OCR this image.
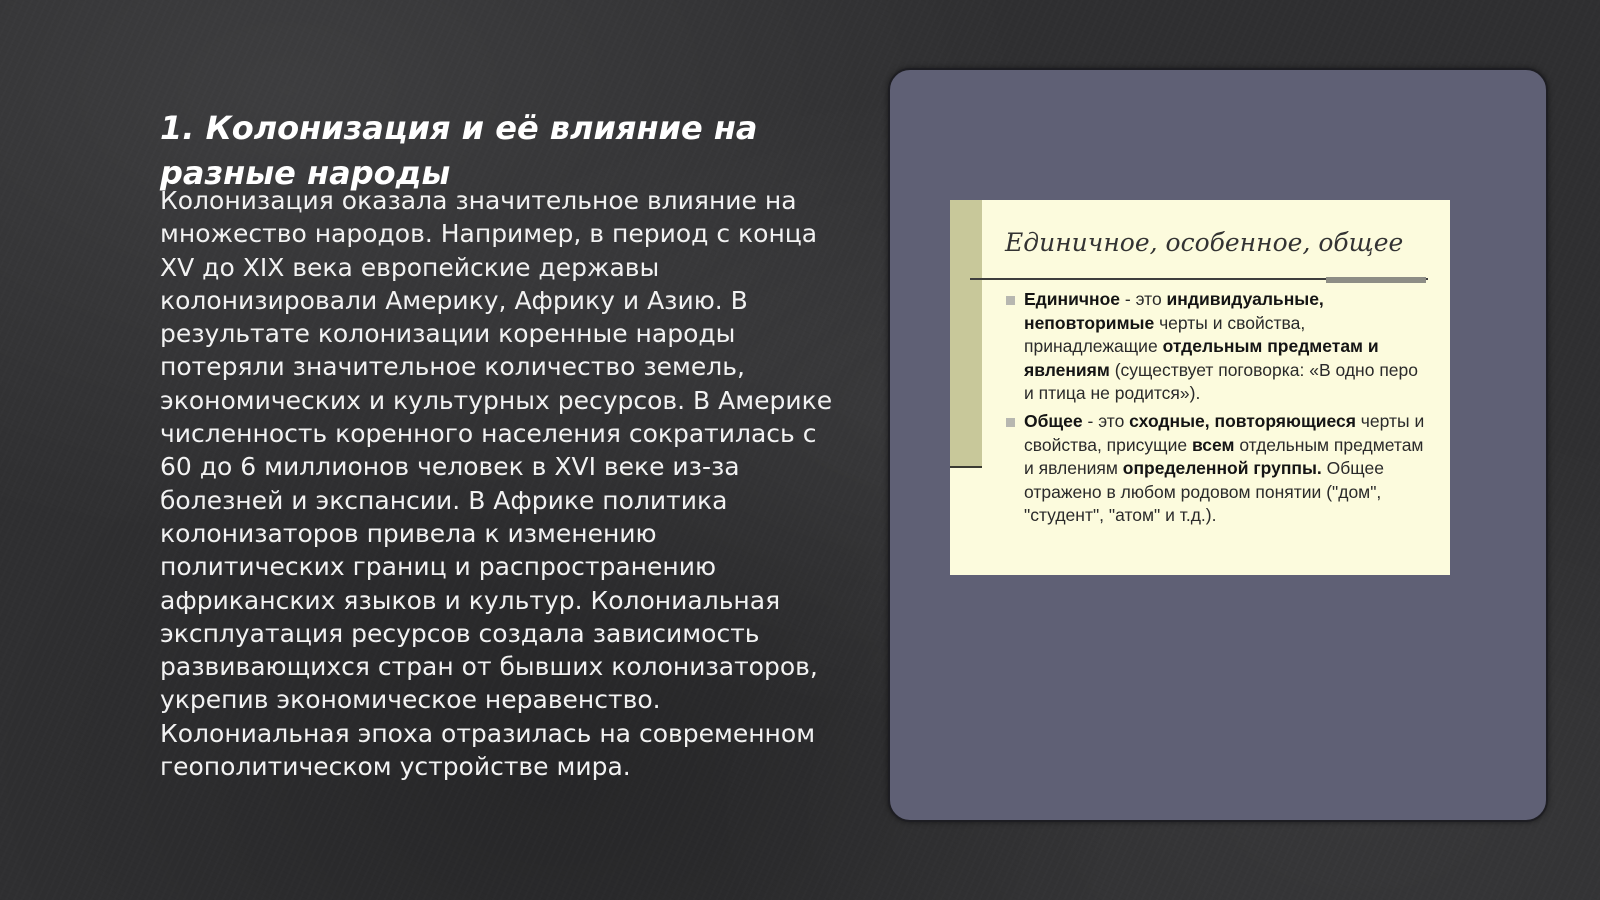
1. Колонизация и её влияние на разные народы

Колонизация оказала значительное влияние на множество народов. Например, в период с конца XV до XIX века европейские державы колонизировали Америку, Африку и Азию. В результате колонизации коренные народы потеряли значительное количество земель, экономических и культурных ресурсов. В Америке численность коренного населения сократилась с 60 до 6 миллионов человек в XVI веке из-за болезней и экспансии. В Африке политика колонизаторов привела к изменению политических границ и распространению африканских языков и культур. Колониальная эксплуатация ресурсов создала зависимость развивающихся стран от бывших колонизаторов, укрепив экономическое неравенство. Колониальная эпоха отразилась на современном геополитическом устройстве мира.

Единичное, особенное, общее

Единичное - это индивидуальные, неповторимые черты и свойства, принадлежащие отдельным предметам и явлениям (существует поговорка: «В одно перо и птица не родится»).
Общее - это сходные, повторяющиеся черты и свойства, присущие всем отдельным предметам и явлениям определенной группы. Общее отражено в любом родовом понятии ("дом", "студент", "атом" и т.д.).
